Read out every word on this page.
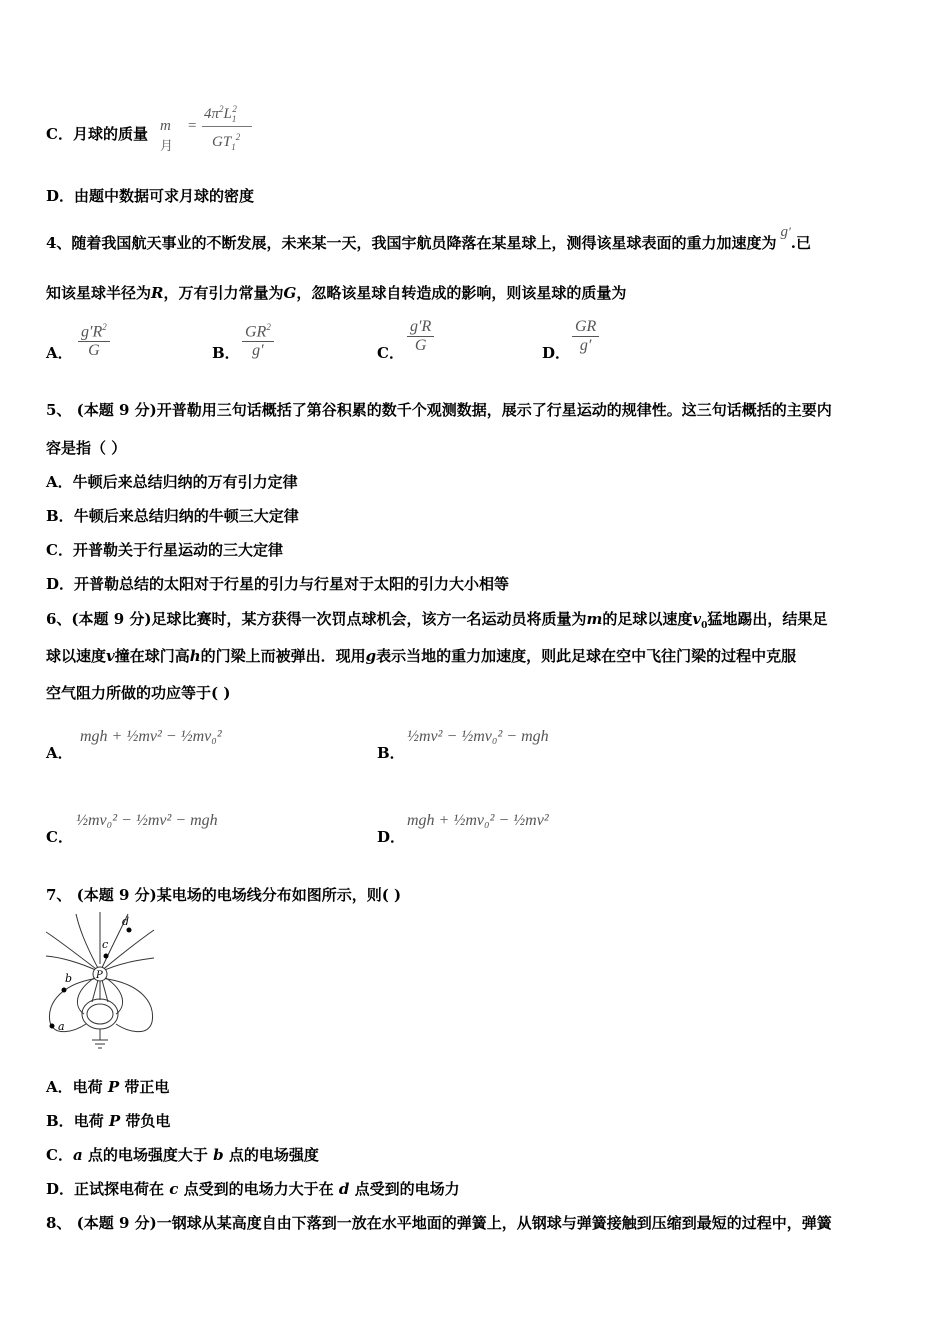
C．月球的质量 m月
=
$4\pi^2L_1^2$
$GT_1^2$
D．由题中数据可求月球的密度
4、随着我国航天事业的不断发展，未来某一天，我国宇航员降落在某星球上，测得该星球表面的重力加速度为g′.已
知该星球半径为R，万有引力常量为G，忽略该星球自转造成的影响，则该星球的质量为
A． $\frac{g'R^2}{G}$	B． $\frac{GR^2}{g'}$	C． $\frac{g'R}{G}$	D． $\frac{GR}{g'}$
5、 (本题 9 分)开普勒用三句话概括了第谷积累的数千个观测数据，展示了行星运动的规律性。这三句话概括的主要内
容是指（ ）
A．牛顿后来总结归纳的万有引力定律
B．牛顿后来总结归纳的牛顿三大定律
C．开普勒关于行星运动的三大定律
D．开普勒总结的太阳对于行星的引力与行星对于太阳的引力大小相等
6、(本题 9 分)足球比赛时，某方获得一次罚点球机会，该方一名运动员将质量为m的足球以速度$v_0$猛地踢出，结果足
球以速度v撞在球门高h的门梁上而被弹出．现用g表示当地的重力加速度，则此足球在空中飞往门梁的过程中克服
空气阻力所做的功应等于( )
A．
mgh + ½mv² − ½mv₀²
B．
½mv² − ½mv₀² − mgh
C．
½mv₀² − ½mv² − mgh
D．
mgh + ½mv₀² − ½mv²
7、 (本题 9 分)某电场的电场线分布如图所示，则( )
d
c
P
b
a
A．电荷 P 带正电
B．电荷 P 带负电
C．a 点的电场强度大于 b 点的电场强度
D．正试探电荷在 c 点受到的电场力大于在 d 点受到的电场力
8、 (本题 9 分)一钢球从某高度自由下落到一放在水平地面的弹簧上，从钢球与弹簧接触到压缩到最短的过程中，弹簧
